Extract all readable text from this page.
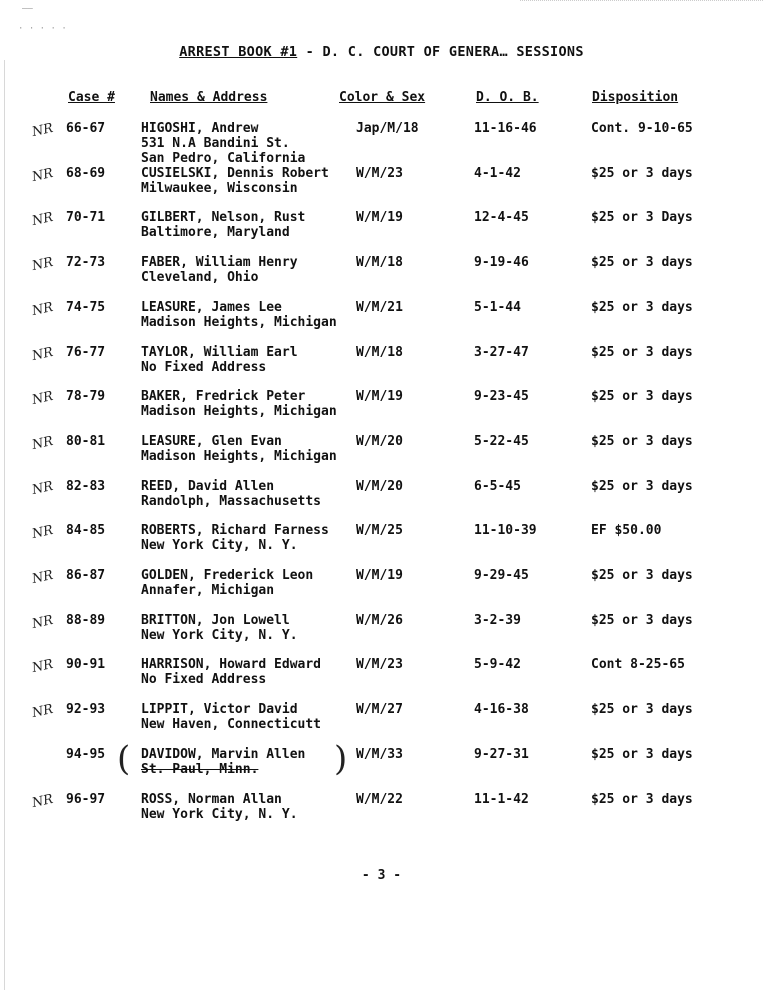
——
· · · · ·
ARREST BOOK #1 - D. C. COURT OF GENERA… SESSIONS
Case #	Names & Address	Color & Sex	D. O. B.	Disposition
NR 66-67	HIGOSHI, Andrew
531 N.A Bandini St.
San Pedro, California
Jap/M/18	11-16-46	Cont. 9-10-65
NR 68-69	CUSIELSKI, Dennis Robert
Milwaukee, Wisconsin
W/M/23	4-1-42	$25 or 3 days
NR 70-71	GILBERT, Nelson, Rust
Baltimore, Maryland
W/M/19	12-4-45	$25 or 3 Days
NR 72-73	FABER, William Henry
Cleveland, Ohio
W/M/18	9-19-46	$25 or 3 days
NR 74-75	LEASURE, James Lee
Madison Heights, Michigan
W/M/21	5-1-44	$25 or 3 days
NR 76-77	TAYLOR, William Earl
No Fixed Address
W/M/18	3-27-47	$25 or 3 days
NR 78-79	BAKER, Fredrick Peter
Madison Heights, Michigan
W/M/19	9-23-45	$25 or 3 days
NR 80-81	LEASURE, Glen Evan
Madison Heights, Michigan
W/M/20	5-22-45	$25 or 3 days
NR 82-83	REED, David Allen
Randolph, Massachusetts
W/M/20	6-5-45	$25 or 3 days
NR 84-85	ROBERTS, Richard Farness
New York City, N. Y.
W/M/25	11-10-39	EF $50.00
NR 86-87	GOLDEN, Frederick Leon
Annafer, Michigan
W/M/19	9-29-45	$25 or 3 days
NR 88-89	BRITTON, Jon Lowell
New York City, N. Y.
W/M/26	3-2-39	$25 or 3 days
NR 90-91	HARRISON, Howard Edward
No Fixed Address
W/M/23	5-9-42	Cont 8-25-65
NR 92-93	LIPPIT, Victor David
New Haven, Connecticutt
W/M/27	4-16-38	$25 or 3 days
94-95	DAVIDOW, Marvin Allen
St. Paul, Minn.
(	) W/M/33	9-27-31	$25 or 3 days
NR 96-97	ROSS, Norman Allan
New York City, N. Y.
W/M/22	11-1-42	$25 or 3 days
- 3 -
